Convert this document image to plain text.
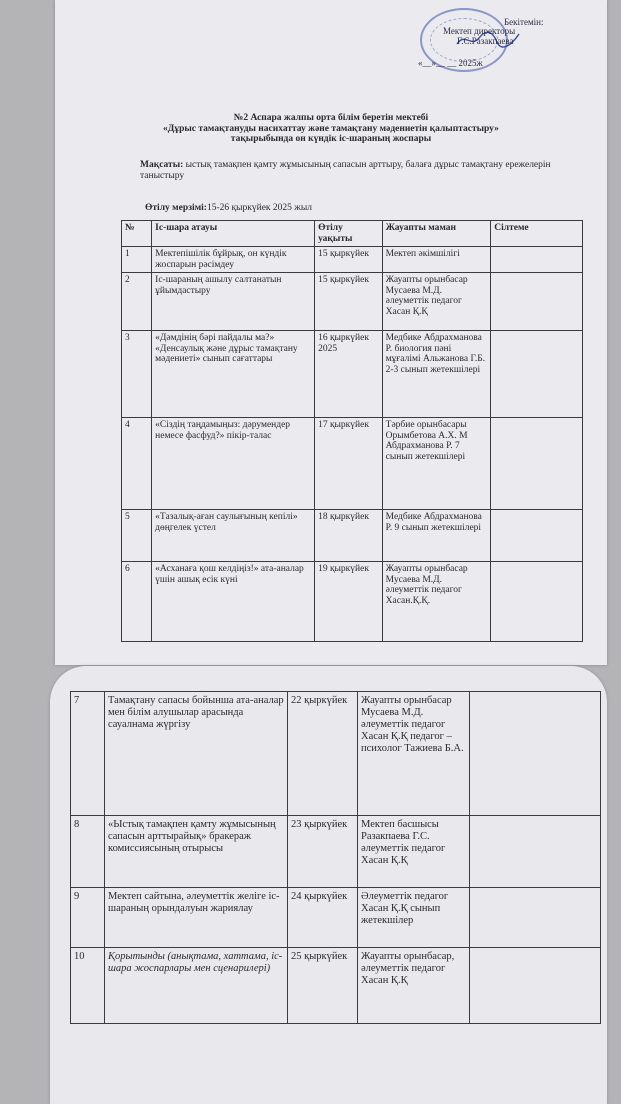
Бекітемін:
Мектеп директоры
Г.С.Разакпаева
«__»__ __ 2025ж
№2 Аспара жалпы орта білім беретін мектебі
«Дұрыс тамақтануды насихаттау және тамақтану мәдениетін қалыптастыру»
тақырыбында он күндік іс-шараның жоспары
Мақсаты: ыстық тамақпен қамту жұмысының сапасын арттыру, балаға дұрыс тамақтану ережелерін таныстыру
Өтілу мерзімі:15-26 қыркүйек 2025 жыл
№	Іс-шара атауы	Өтілу уақыты	Жауапты маман	Сілтеме
1	Мектепішілік бұйрық, он күндік жоспарын рәсімдеу	15 қыркүйек	Мектеп әкімшілігі	
2	Іс-шараның ашылу салтанатын ұйымдастыру	15 қыркүйек	Жауапты орынбасар Мусаева М.Д. әлеуметтік педагог Хасан Қ.Қ	
3	«Дәмдінің бәрі пайдалы ма?» «Денсаулық және дұрыс тамақтану мәдениеті» сынып сағаттары	16 қыркүйек 2025	Медбике Абдрахманова Р. биология пәні мұғалімі Альжанова Г.Б. 2-3 сынып жетекшілері	
4	«Сіздің таңдамыңыз: дәрумендер немесе фасфуд?» пікір-талас	17 қыркүйек	Тәрбие орынбасары Орымбетова А.Х. М Абдрахманова Р. 7 сынып жетекшілері	
5	«Тазалық-аған саулығының кепілі» дөңгелек үстел	18 қыркүйек	Медбике Абдрахманова Р. 9 сынып жетекшілері	
6	«Асханаға қош келдіңіз!» ата-аналар үшін ашық есік күні	19 қыркүйек	Жауапты орынбасар Мусаева М.Д. әлеуметтік педагог Хасан.Қ.Қ.	
7	Тамақтану сапасы бойынша ата-аналар мен білім алушылар арасында сауалнама жүргізу	22 қыркүйек	Жауапты орынбасар Мусаева М.Д. әлеуметтік педагог Хасан Қ.Қ педагог – психолог Тажиева Б.А.	
8	«Ыстық тамақпен қамту жұмысының сапасын арттырайық» бракераж комиссиясының отырысы	23 қыркүйек	Мектеп басшысы Разакпаева Г.С. әлеуметтік педагог Хасан Қ.Қ	
9	Мектеп сайтына, әлеуметтік желіге іс-шараның орындалуын жариялау	24 қыркүйек	Әлеуметтік педагог Хасан Қ.Қ сынып жетекшілер	
10	Қорытынды (анықтама, хаттама, іс-шара жоспарлары мен сценарилері)	25 қыркүйек	Жауапты орынбасар, әлеуметтік педагог Хасан Қ.Қ	
